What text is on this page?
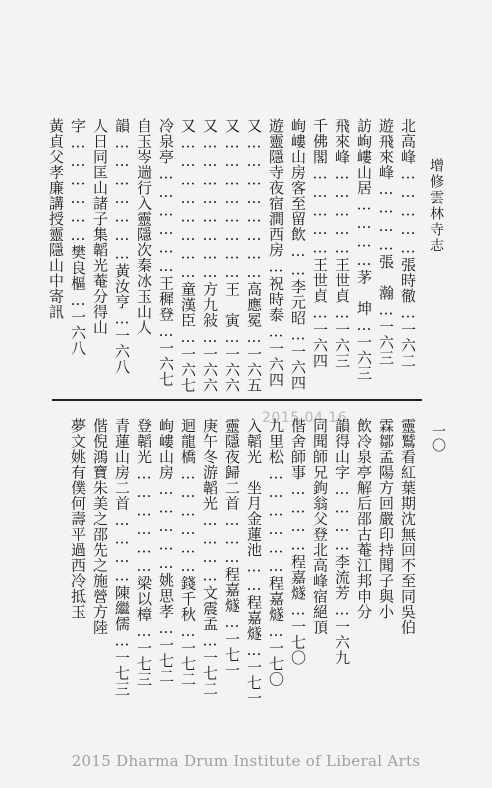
增修雲林寺志
一〇
北高峰……………張時徹…一六二
遊飛來峰…………張　瀚…一六三
訪峋嶁山居…………茅　坤…一六三
飛來峰……………王世貞…一六三
千佛閣……………王世貞…一六四
峋嶁山房客至留飲……李元昭…一六四
遊靈隱寺夜宿澗西房…祝時泰…一六四
又……………………高應冕…一六五
又……………………王　寅…一六六
又……………………方九敍…一六六
又……………………童漢臣…一六七
冷泉亭………………王穉登…一六七
自玉岑遄行入靈隱次秦冰玉山人
韻…………………黃汝亨…一六八
人日同匡山諸子集韜光菴分得山
字………………樊良樞…一六八
黃貞父孝廉講授靈隱山中寄訊
2015.04.16	靈鷲看紅葉期沈無回不至同吳伯
霖鄒孟陽方回嚴印持聞子與小
飲冷泉亭解后邵古菴江邦申分
韻得山字…………李流芳…一六九
同聞師兄鉤翁父登北高峰宿絕頂
偕舍師事…………程嘉燧…一七〇
九里松………………程嘉燧…一七〇
入韜光　坐月金蓮池……程嘉燧…一七一
靈隱夜歸二首………程嘉燧…一七一
庚午冬游韜光…………文震孟…一七二
迴龍橋………………錢千秋…一七二
峋嶁山房……………姚思孝…一七二
登韜光………………梁以樟…一七三
青蓮山房二首…………陳繼儒…一七三
偕倪鴻寶朱美之邵先之施營方陸
夢文姚有僕何壽平過西冷抵玉
2015 Dharma Drum Institute of Liberal Arts
